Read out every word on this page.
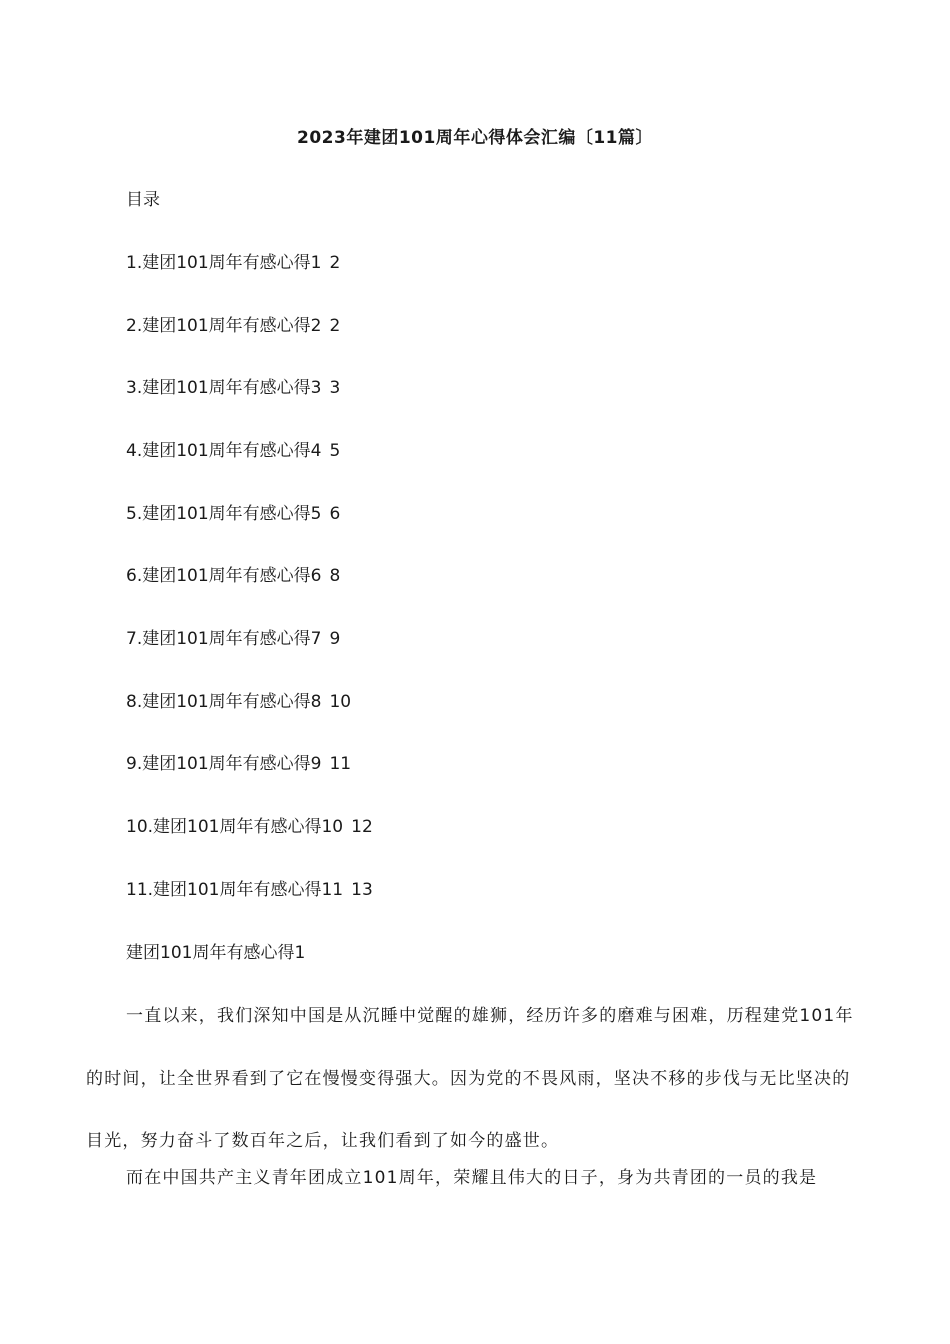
2023年建团101周年心得体会汇编〔11篇〕
目录
1.建团101周年有感心得1 2
2.建团101周年有感心得2 2
3.建团101周年有感心得3 3
4.建团101周年有感心得4 5
5.建团101周年有感心得5 6
6.建团101周年有感心得6 8
7.建团101周年有感心得7 9
8.建团101周年有感心得8 10
9.建团101周年有感心得9 11
10.建团101周年有感心得10 12
11.建团101周年有感心得11 13
建团101周年有感心得1

一直以来，我们深知中国是从沉睡中觉醒的雄狮，经历许多的磨难与困难，历程建党101年的时间，让全世界看到了它在慢慢变得强大。因为党的不畏风雨，坚决不移的步伐与无比坚决的目光，努力奋斗了数百年之后，让我们看到了如今的盛世。

而在中国共产主义青年团成立101周年，荣耀且伟大的日子，身为共青团的一员的我是
